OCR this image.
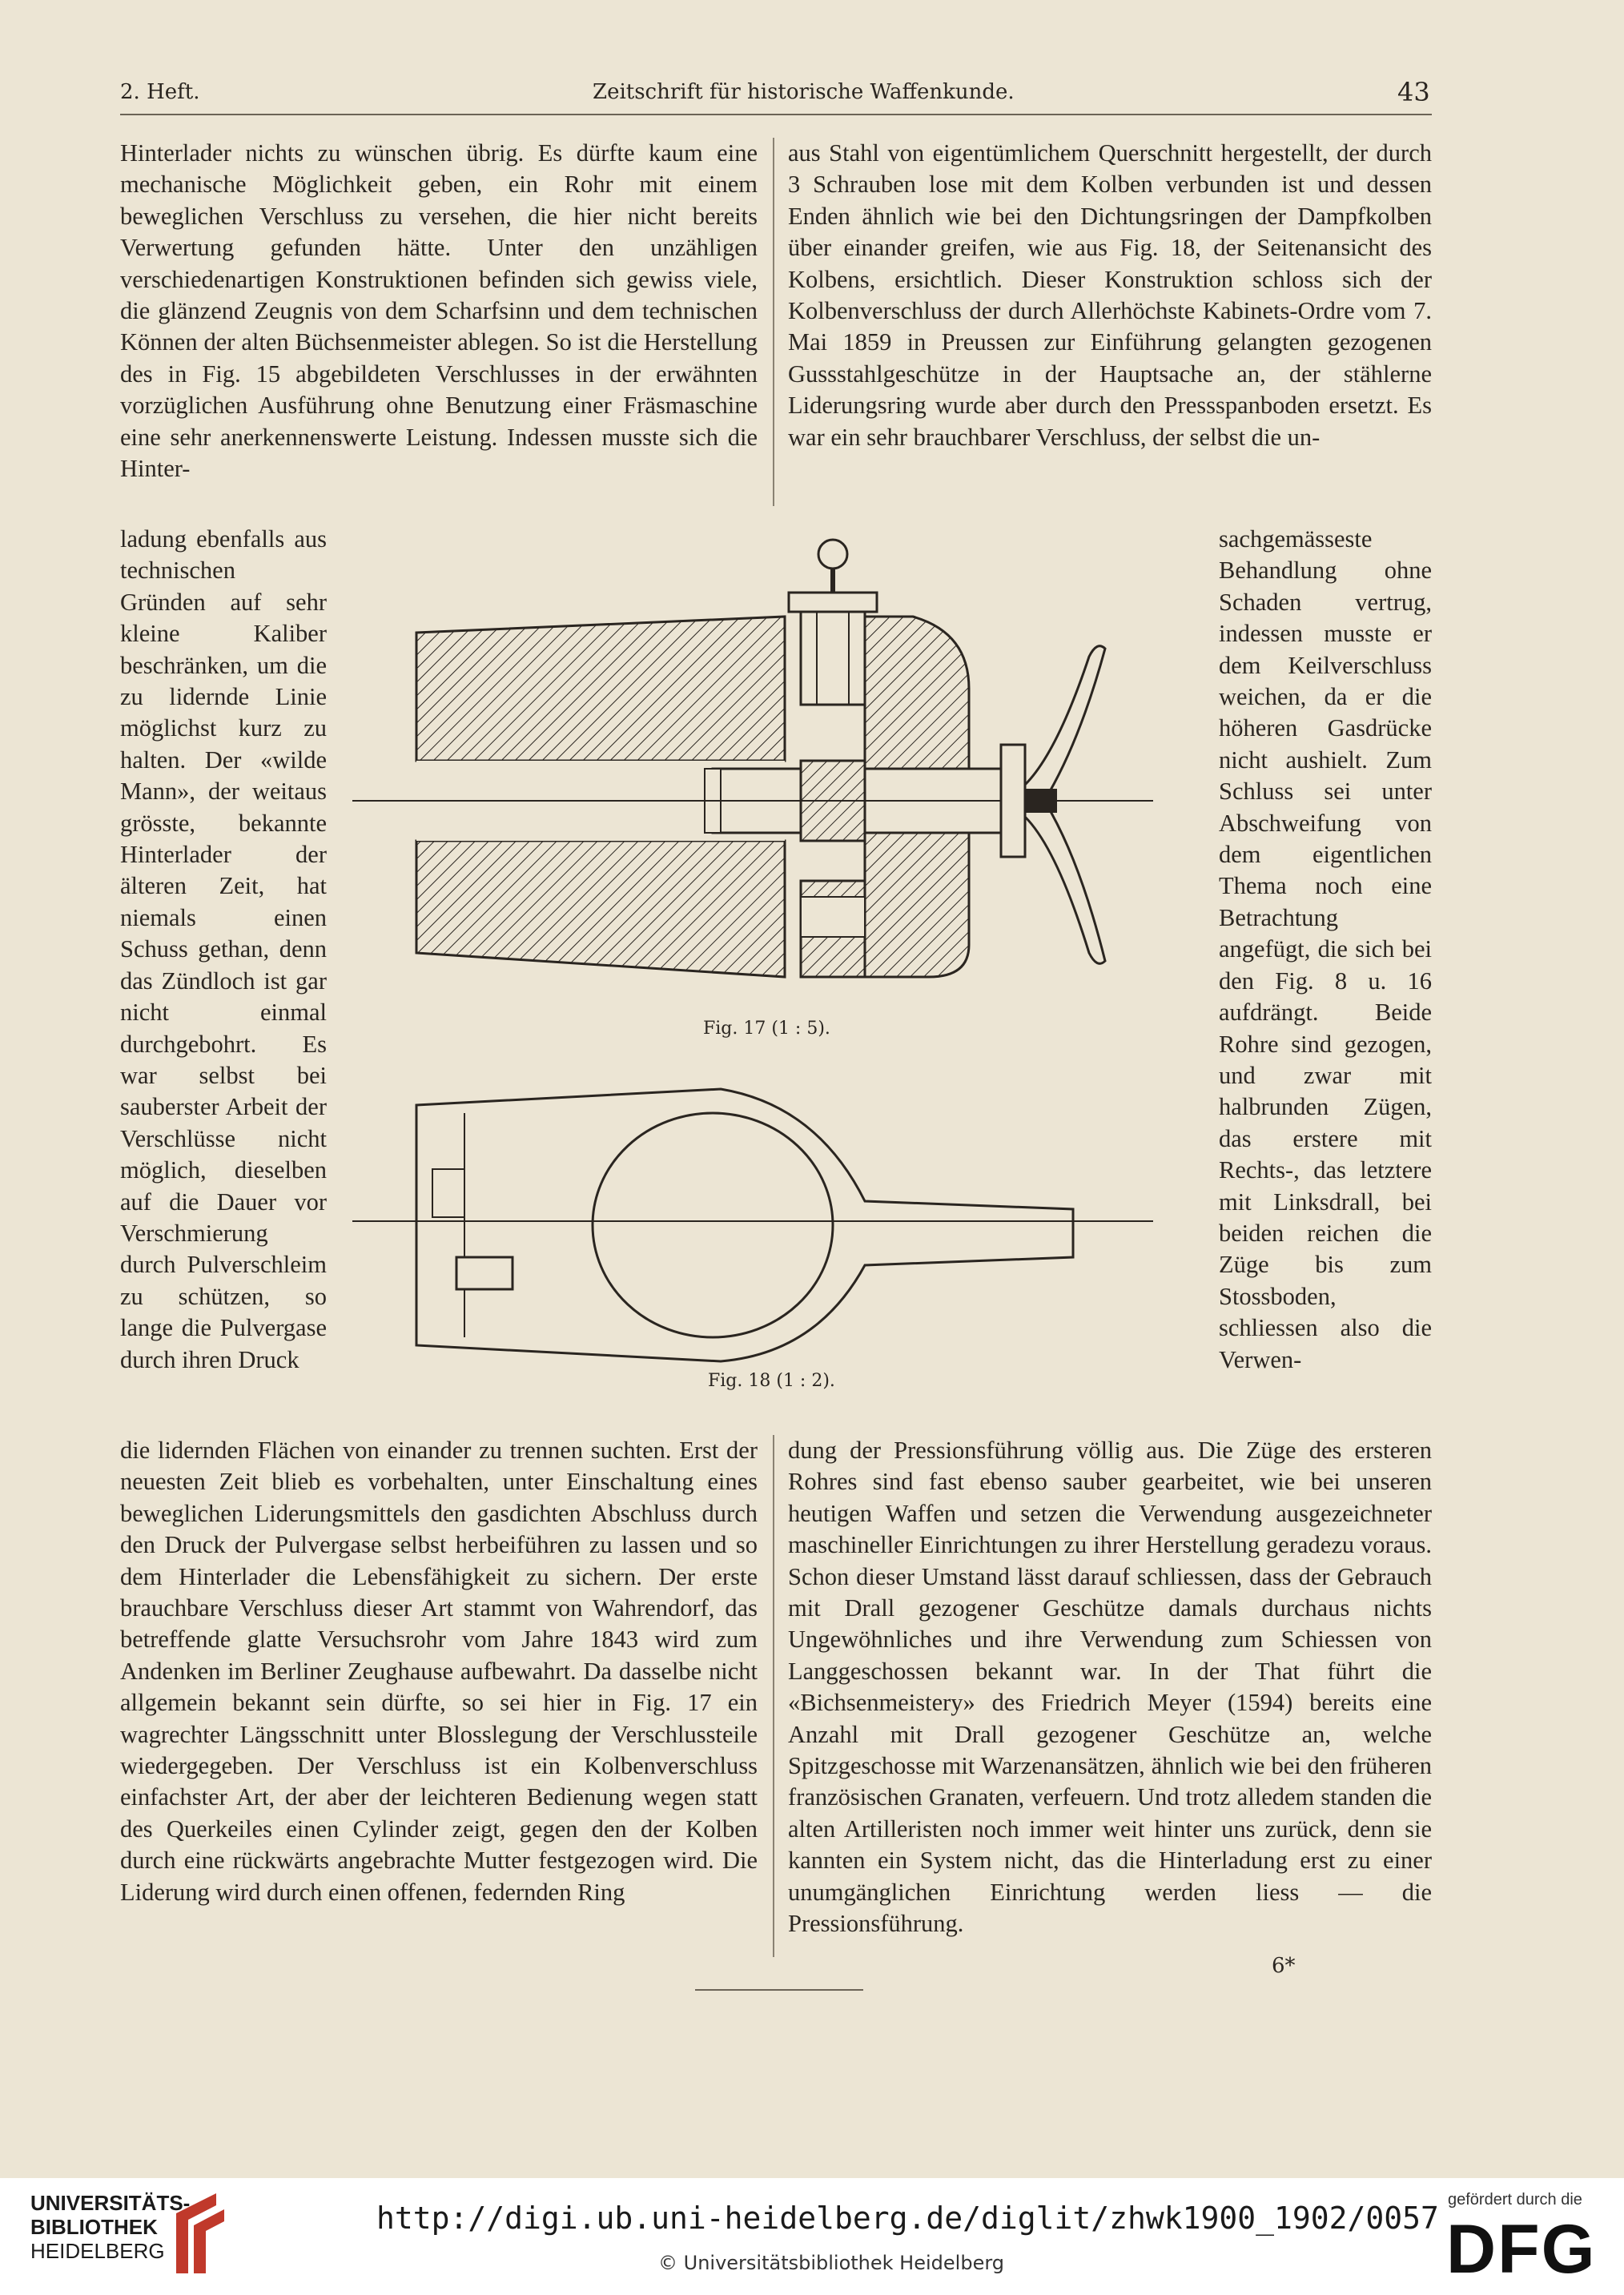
2. Heft.	Zeitschrift für historische Waffenkunde.	43

Hinterlader nichts zu wünschen übrig. Es dürfte kaum eine mechanische Möglichkeit geben, ein Rohr mit einem beweglichen Verschluss zu versehen, die hier nicht bereits Verwertung gefunden hätte. Unter den unzähligen verschiedenartigen Konstruktionen befinden sich gewiss viele, die glänzend Zeugnis von dem Scharfsinn und dem technischen Können der alten Büchsenmeister ablegen. So ist die Herstellung des in Fig. 15 abgebildeten Verschlusses in der erwähnten vorzüglichen Ausführung ohne Benutzung einer Fräsmaschine eine sehr anerkennenswerte Leistung. Indessen musste sich die Hinter-

aus Stahl von eigentümlichem Querschnitt hergestellt, der durch 3 Schrauben lose mit dem Kolben verbunden ist und dessen Enden ähnlich wie bei den Dichtungsringen der Dampfkolben über einander greifen, wie aus Fig. 18, der Seitenansicht des Kolbens, ersichtlich. Dieser Konstruktion schloss sich der Kolbenverschluss der durch Allerhöchste Kabinets-Ordre vom 7. Mai 1859 in Preussen zur Einführung gelangten gezogenen Gussstahlgeschütze in der Hauptsache an, der stählerne Liderungsring wurde aber durch den Pressspanboden ersetzt. Es war ein sehr brauchbarer Verschluss, der selbst die un-

ladung ebenfalls aus technischen Gründen auf sehr kleine Kaliber beschränken, um die zu lidernde Linie möglichst kurz zu halten. Der «wilde Mann», der weitaus grösste, bekannte Hinterlader der älteren Zeit, hat niemals einen Schuss gethan, denn das Zündloch ist gar nicht einmal durchgebohrt. Es war selbst bei sauberster Arbeit der Verschlüsse nicht möglich, dieselben auf die Dauer vor Verschmierung durch Pulverschleim zu schützen, so lange die Pulvergase durch ihren Druck
sachgemässeste Behandlung ohne Schaden vertrug, indessen musste er dem Keilverschluss weichen, da er die höheren Gasdrücke nicht aushielt. Zum Schluss sei unter Abschweifung von dem eigentlichen Thema noch eine Betrachtung angefügt, die sich bei den Fig. 8 u. 16 aufdrängt. Beide Rohre sind gezogen, und zwar mit halbrunden Zügen, das erstere mit Rechts-, das letztere mit Linksdrall, bei beiden reichen die Züge bis zum Stossboden, schliessen also die Verwen-
Fig. 17 (1 : 5).
Fig. 18 (1 : 2).
die lidernden Flächen von einander zu trennen suchten. Erst der neuesten Zeit blieb es vorbehalten, unter Einschaltung eines beweglichen Liderungsmittels den gasdichten Abschluss durch den Druck der Pulvergase selbst herbeiführen zu lassen und so dem Hinterlader die Lebensfähigkeit zu sichern. Der erste brauchbare Verschluss dieser Art stammt von Wahrendorf, das betreffende glatte Versuchsrohr vom Jahre 1843 wird zum Andenken im Berliner Zeughause aufbewahrt. Da dasselbe nicht allgemein bekannt sein dürfte, so sei hier in Fig. 17 ein wagrechter Längsschnitt unter Blosslegung der Verschlussteile wiedergegeben. Der Verschluss ist ein Kolbenverschluss einfachster Art, der aber der leichteren Bedienung wegen statt des Querkeiles einen Cylinder zeigt, gegen den der Kolben durch eine rückwärts angebrachte Mutter festgezogen wird. Die Liderung wird durch einen offenen, federnden Ring
dung der Pressionsführung völlig aus. Die Züge des ersteren Rohres sind fast ebenso sauber gearbeitet, wie bei unseren heutigen Waffen und setzen die Verwendung ausgezeichneter maschineller Einrichtungen zu ihrer Herstellung geradezu voraus. Schon dieser Umstand lässt darauf schliessen, dass der Gebrauch mit Drall gezogener Geschütze damals durchaus nichts Ungewöhnliches und ihre Verwendung zum Schiessen von Langgeschossen bekannt war. In der That führt die «Bichsenmeistery» des Friedrich Meyer (1594) bereits eine Anzahl mit Drall gezogener Geschütze an, welche Spitzgeschosse mit Warzenansätzen, ähnlich wie bei den früheren französischen Granaten, verfeuern. Und trotz alledem standen die alten Artilleristen noch immer weit hinter uns zurück, denn sie kannten ein System nicht, das die Hinterladung erst zu einer unumgänglichen Einrichtung werden liess — die Pressionsführung.
6*
UNIVERSITÄTS-
BIBLIOTHEK
HEIDELBERG
http://digi.ub.uni-heidelberg.de/diglit/zhwk1900_1902/0057
© Universitätsbibliothek Heidelberg
gefördert durch die
DFG
